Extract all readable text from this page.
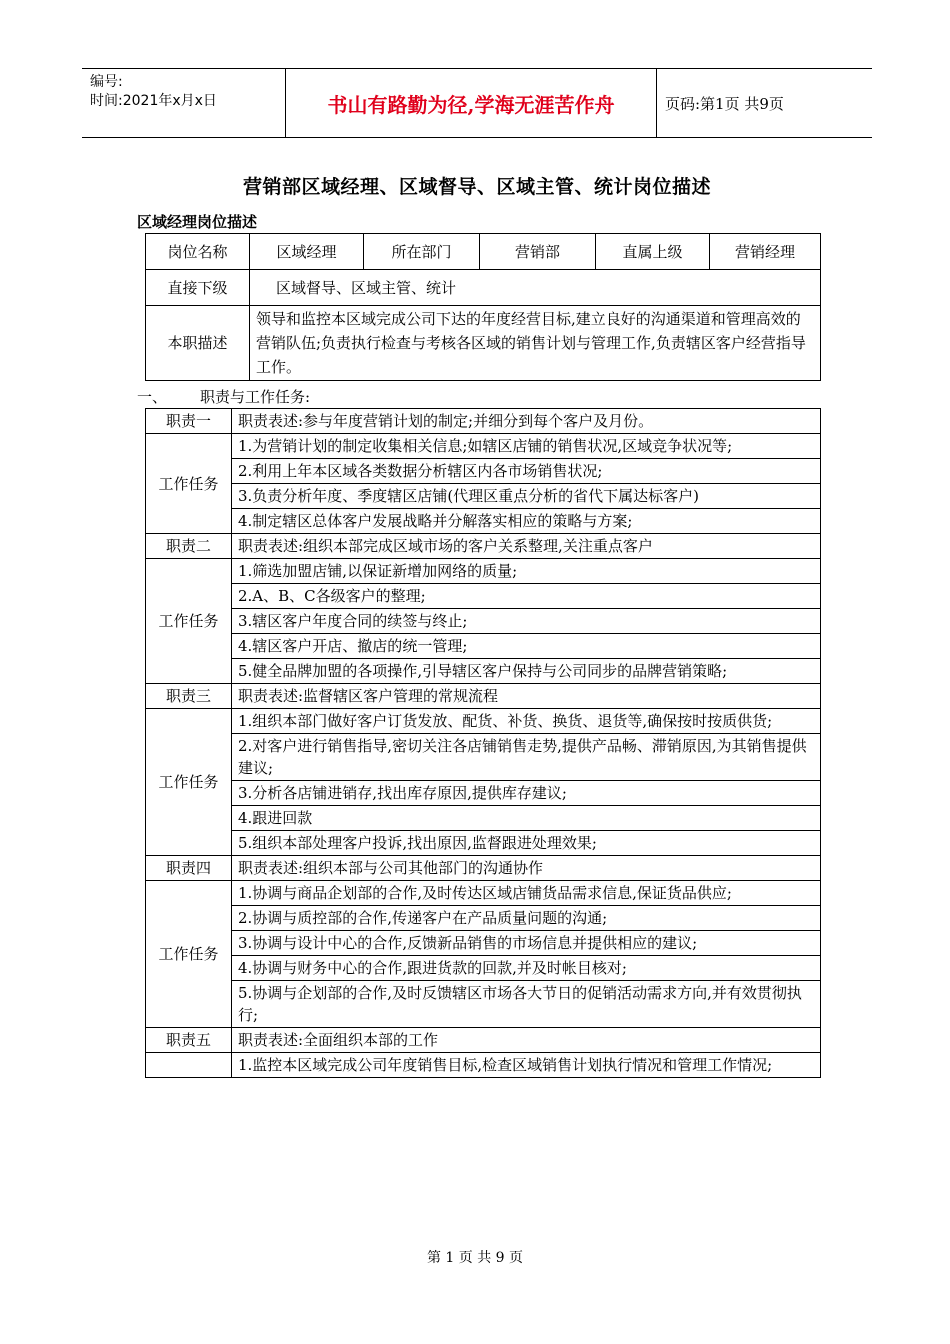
编号:
时间:2021年x月x日	书山有路勤为径,学海无涯苦作舟	页码:第1页 共9页
营销部区域经理、区域督导、区域主管、统计岗位描述
区域经理岗位描述
岗位名称	区域经理	所在部门	营销部	直属上级	营销经理
直接下级	区域督导、区域主管、统计				
本职描述	领导和监控本区域完成公司下达的年度经营目标,建立良好的沟通渠道和管理高效的营销队伍;负责执行检查与考核各区域的销售计划与管理工作,负责辖区客户经营指导工作。				
一、 职责与工作任务:
职责一	职责表述:参与年度营销计划的制定;并细分到每个客户及月份。
工作任务	1.为营销计划的制定收集相关信息;如辖区店铺的销售状况,区域竞争状况等;
	2.利用上年本区域各类数据分析辖区内各市场销售状况;
	3.负责分析年度、季度辖区店铺(代理区重点分析的省代下属达标客户)
	4.制定辖区总体客户发展战略并分解落实相应的策略与方案;
职责二	职责表述:组织本部完成区域市场的客户关系整理,关注重点客户
工作任务	1.筛选加盟店铺,以保证新增加网络的质量;
	2.A、B、C各级客户的整理;
	3.辖区客户年度合同的续签与终止;
	4.辖区客户开店、撤店的统一管理;
	5.健全品牌加盟的各项操作,引导辖区客户保持与公司同步的品牌营销策略;
职责三	职责表述:监督辖区客户管理的常规流程
工作任务	1.组织本部门做好客户订货发放、配货、补货、换货、退货等,确保按时按质供货;
	2.对客户进行销售指导,密切关注各店铺销售走势,提供产品畅、滞销原因,为其销售提供建议;
	3.分析各店铺进销存,找出库存原因,提供库存建议;
	4.跟进回款
	5.组织本部处理客户投诉,找出原因,监督跟进处理效果;
职责四	职责表述:组织本部与公司其他部门的沟通协作
工作任务	1.协调与商品企划部的合作,及时传达区域店铺货品需求信息,保证货品供应;
	2.协调与质控部的合作,传递客户在产品质量问题的沟通;
	3.协调与设计中心的合作,反馈新品销售的市场信息并提供相应的建议;
	4.协调与财务中心的合作,跟进货款的回款,并及时帐目核对;
	5.协调与企划部的合作,及时反馈辖区市场各大节日的促销活动需求方向,并有效贯彻执行;
职责五	职责表述:全面组织本部的工作
	1.监控本区域完成公司年度销售目标,检查区域销售计划执行情况和管理工作情况;
第 1 页 共 9 页
